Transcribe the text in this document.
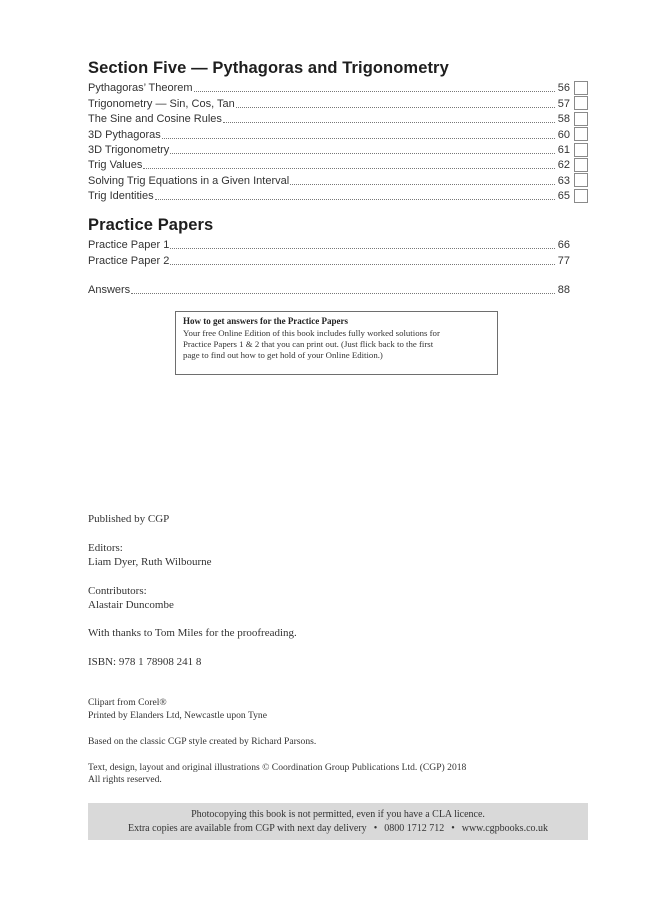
Section Five — Pythagoras and Trigonometry
Pythagoras’ Theorem	56
Trigonometry — Sin, Cos, Tan	57
The Sine and Cosine Rules	58
3D Pythagoras	60
3D Trigonometry	61
Trig Values	62
Solving Trig Equations in a Given Interval	63
Trig Identities	65
Practice Papers
Practice Paper 1	66
Practice Paper 2	77
Answers	88
How to get answers for the Practice Papers
Your free Online Edition of this book includes fully worked solutions for
Practice Papers 1 & 2 that you can print out. (Just flick back to the first
page to find out how to get hold of your Online Edition.)
Published by CGP
Editors:
Liam Dyer, Ruth Wilbourne
Contributors:
Alastair Duncombe
With thanks to Tom Miles for the proofreading.
ISBN: 978 1 78908 241 8
Clipart from Corel®
Printed by Elanders Ltd, Newcastle upon Tyne
Based on the classic CGP style created by Richard Parsons.
Text, design, layout and original illustrations © Coordination Group Publications Ltd. (CGP) 2018
All rights reserved.
Photocopying this book is not permitted, even if you have a CLA licence.
Extra copies are available from CGP with next day delivery • 0800 1712 712 • www.cgpbooks.co.uk
